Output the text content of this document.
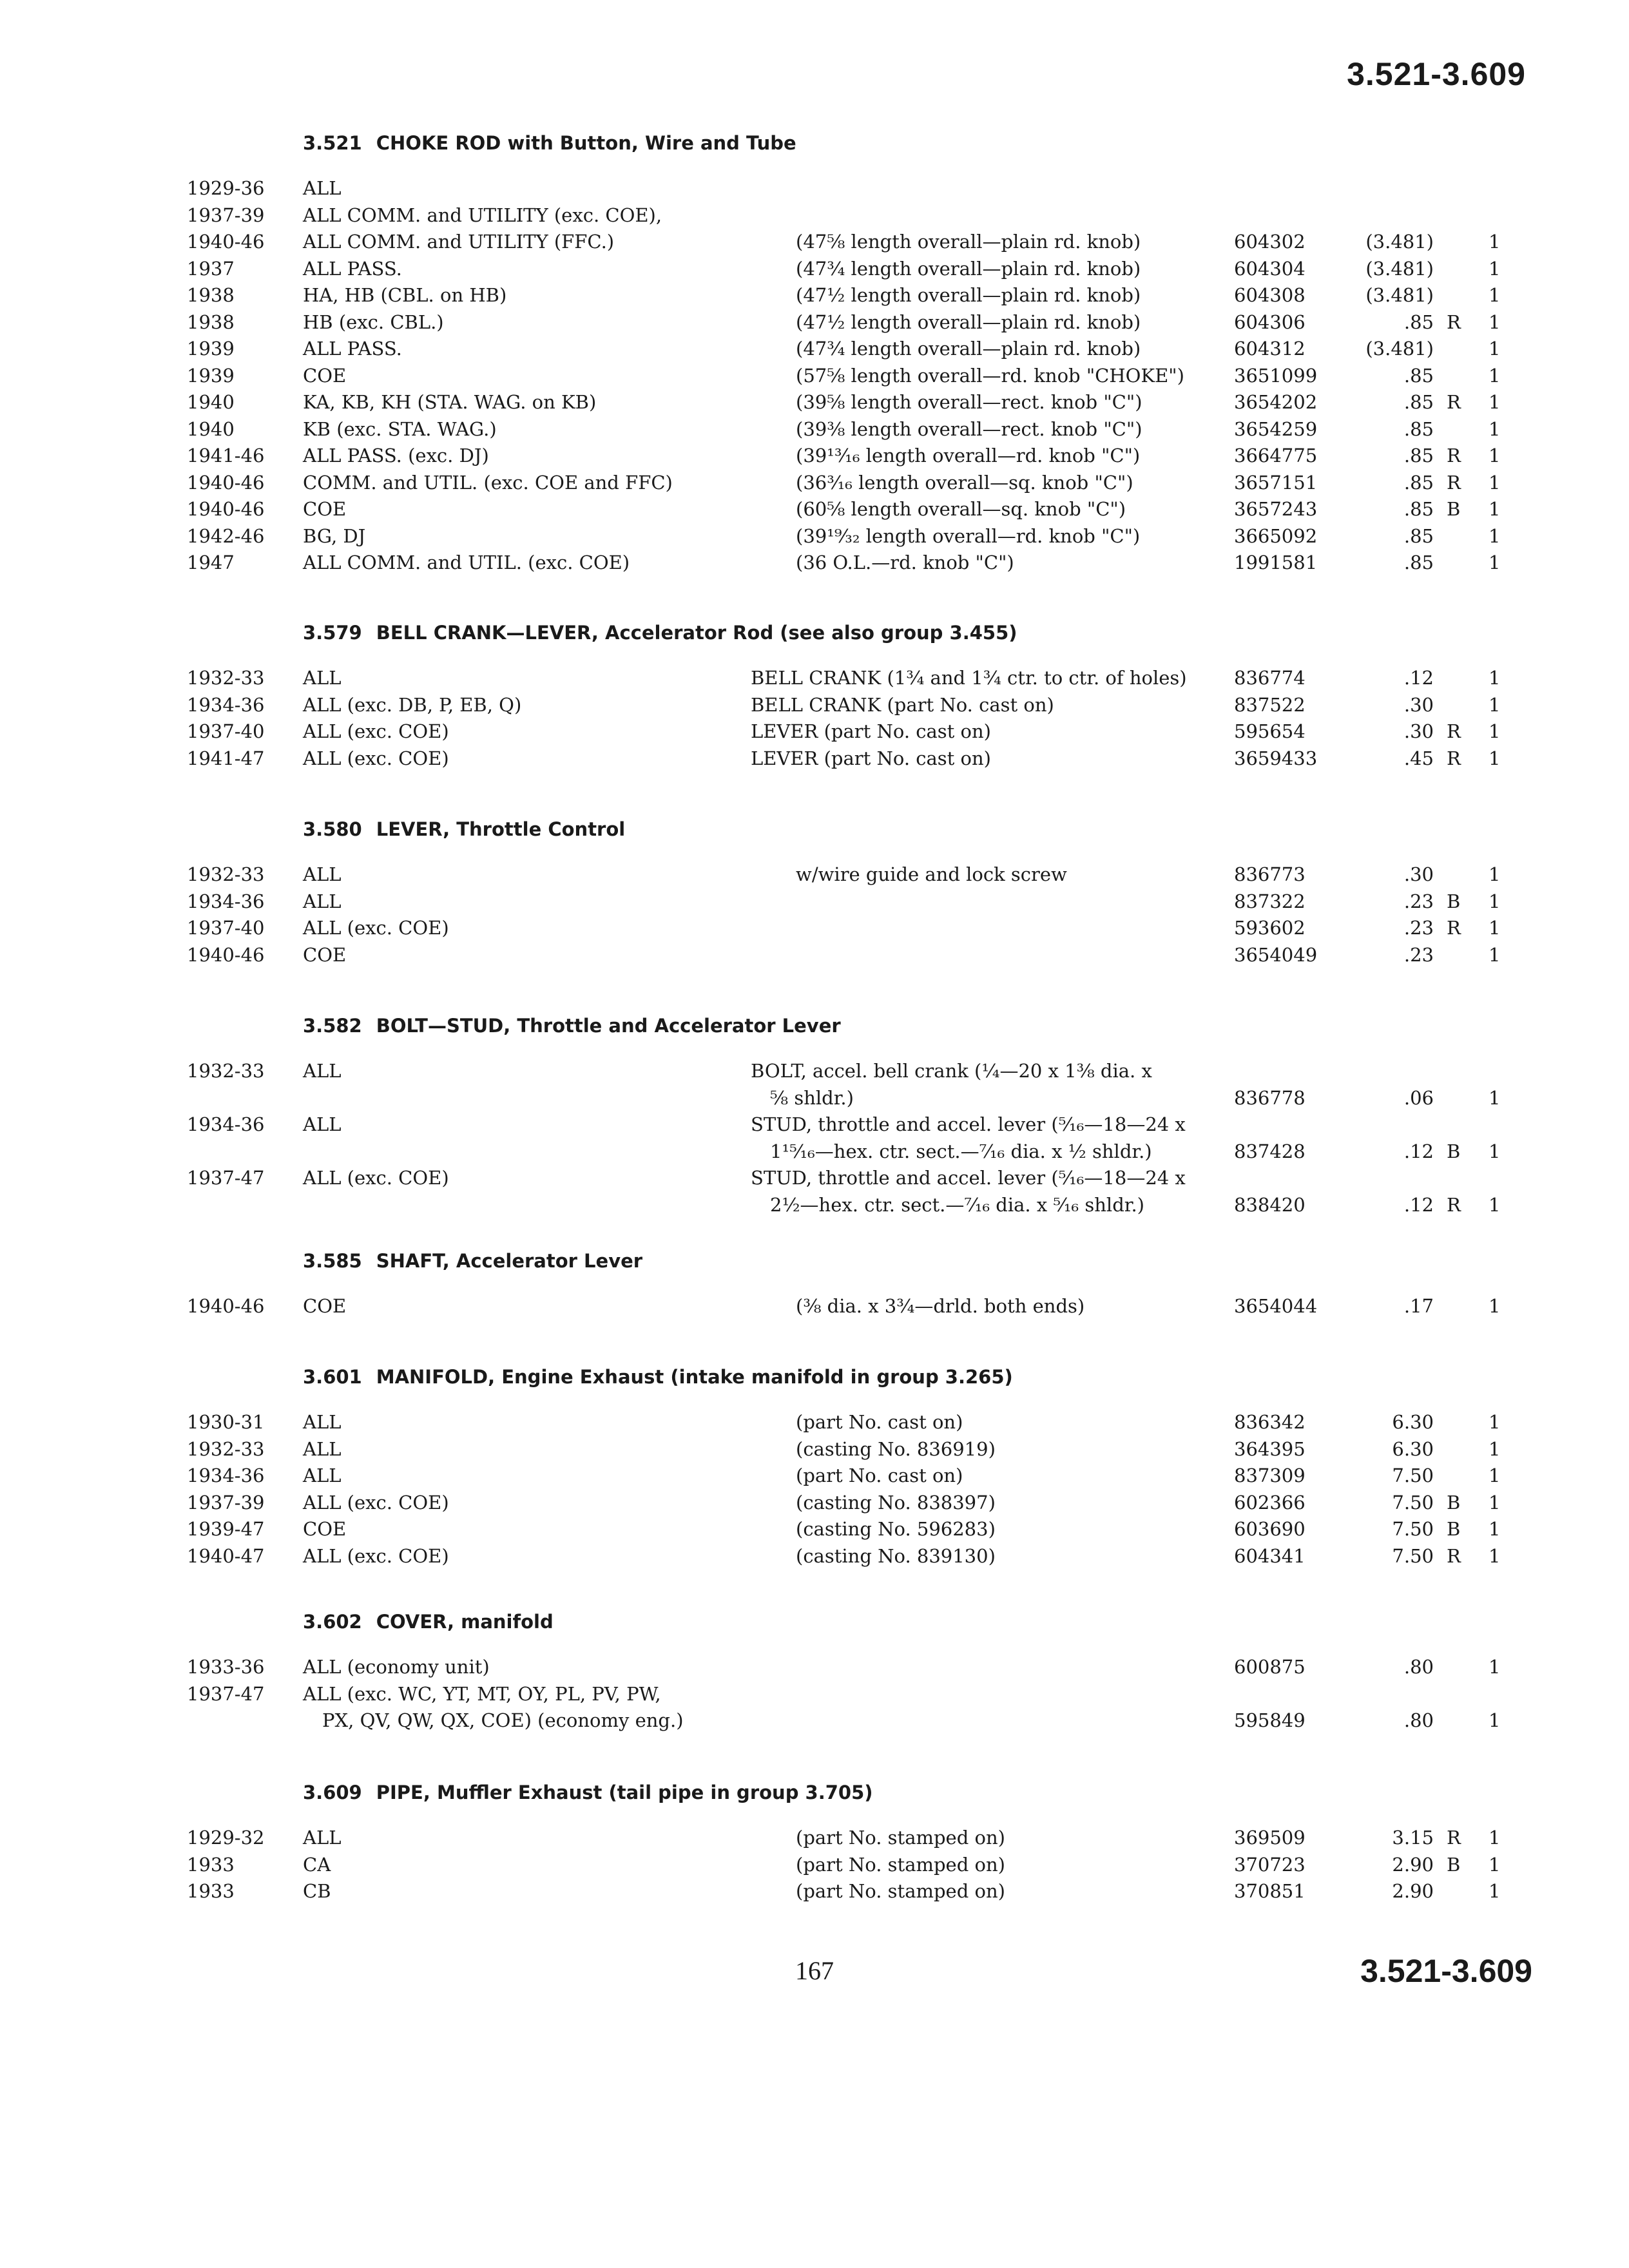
3.521-3.609
3.521 CHOKE ROD with Button, Wire and Tube
1929-36 ALL
1937-39 ALL COMM. and UTILITY (exc. COE),
1940-46 ALL COMM. and UTILITY (FFC.)	(47⅝ length overall—plain rd. knob)	604302	(3.481)	1
1937	ALL PASS.	(47¾ length overall—plain rd. knob)	604304	(3.481)	1
1938	HA, HB (CBL. on HB)	(47½ length overall—plain rd. knob)	604308	(3.481)	1
1938	HB (exc. CBL.)	(47½ length overall—plain rd. knob)	604306	.85 R 1
1939	ALL PASS.	(47¾ length overall—plain rd. knob)	604312	(3.481)	1
1939	COE	(57⅝ length overall—rd. knob "CHOKE")	3651099	.85	1
1940	KA, KB, KH (STA. WAG. on KB)	(39⅝ length overall—rect. knob "C")	3654202	.85 R 1
1940	KB (exc. STA. WAG.)	(39⅜ length overall—rect. knob "C")	3654259	.85	1
1941-46 ALL PASS. (exc. DJ)	(39¹³⁄₁₆ length overall—rd. knob "C")	3664775	.85 R 1
1940-46 COMM. and UTIL. (exc. COE and FFC)	(36³⁄₁₆ length overall—sq. knob "C")	3657151	.85 R 1
1940-46 COE	(60⅝ length overall—sq. knob "C")	3657243	.85 B 1
1942-46 BG, DJ	(39¹⁹⁄₃₂ length overall—rd. knob "C")	3665092	.85	1
1947	ALL COMM. and UTIL. (exc. COE)	(36 O.L.—rd. knob "C")	1991581	.85	1
3.579 BELL CRANK—LEVER, Accelerator Rod (see also group 3.455)
1932-33 ALL	BELL CRANK (1¾ and 1¾ ctr. to ctr. of holes)	836774	.12	1
1934-36 ALL (exc. DB, P, EB, Q)	BELL CRANK (part No. cast on)	837522	.30	1
1937-40 ALL (exc. COE)	LEVER (part No. cast on)	595654	.30 R 1
1941-47 ALL (exc. COE)	LEVER (part No. cast on)	3659433	.45 R 1
3.580 LEVER, Throttle Control
1932-33 ALL	w/wire guide and lock screw	836773	.30	1
1934-36 ALL	837322	.23 B 1
1937-40 ALL (exc. COE)	593602	.23 R 1
1940-46 COE	3654049	.23	1
3.582 BOLT—STUD, Throttle and Accelerator Lever
1932-33 ALL	BOLT, accel. bell crank (¼—20 x 1⅜ dia. x
⅝ shldr.)	836778	.06	1
1934-36 ALL	STUD, throttle and accel. lever (⁵⁄₁₆—18—24 x
1¹⁵⁄₁₆—hex. ctr. sect.—⁷⁄₁₆ dia. x ½ shldr.)	837428	.12 B 1
1937-47 ALL (exc. COE)	STUD, throttle and accel. lever (⁵⁄₁₆—18—24 x
2½—hex. ctr. sect.—⁷⁄₁₆ dia. x ⁵⁄₁₆ shldr.)	838420	.12 R 1
3.585 SHAFT, Accelerator Lever
1940-46 COE	(⅜ dia. x 3¾—drld. both ends)	3654044	.17	1
3.601 MANIFOLD, Engine Exhaust (intake manifold in group 3.265)
1930-31 ALL	(part No. cast on)	836342	6.30	1
1932-33 ALL	(casting No. 836919)	364395	6.30	1
1934-36 ALL	(part No. cast on)	837309	7.50	1
1937-39 ALL (exc. COE)	(casting No. 838397)	602366	7.50 B 1
1939-47 COE	(casting No. 596283)	603690	7.50 B 1
1940-47 ALL (exc. COE)	(casting No. 839130)	604341	7.50 R 1
3.602 COVER, manifold
1933-36 ALL (economy unit)	600875	.80	1
1937-47 ALL (exc. WC, YT, MT, OY, PL, PV, PW,
PX, QV, QW, QX, COE) (economy eng.)	595849	.80	1
3.609 PIPE, Muffler Exhaust (tail pipe in group 3.705)
1929-32 ALL	(part No. stamped on)	369509	3.15 R 1
1933	CA	(part No. stamped on)	370723	2.90 B 1
1933	CB	(part No. stamped on)	370851	2.90	1
167	3.521-3.609
